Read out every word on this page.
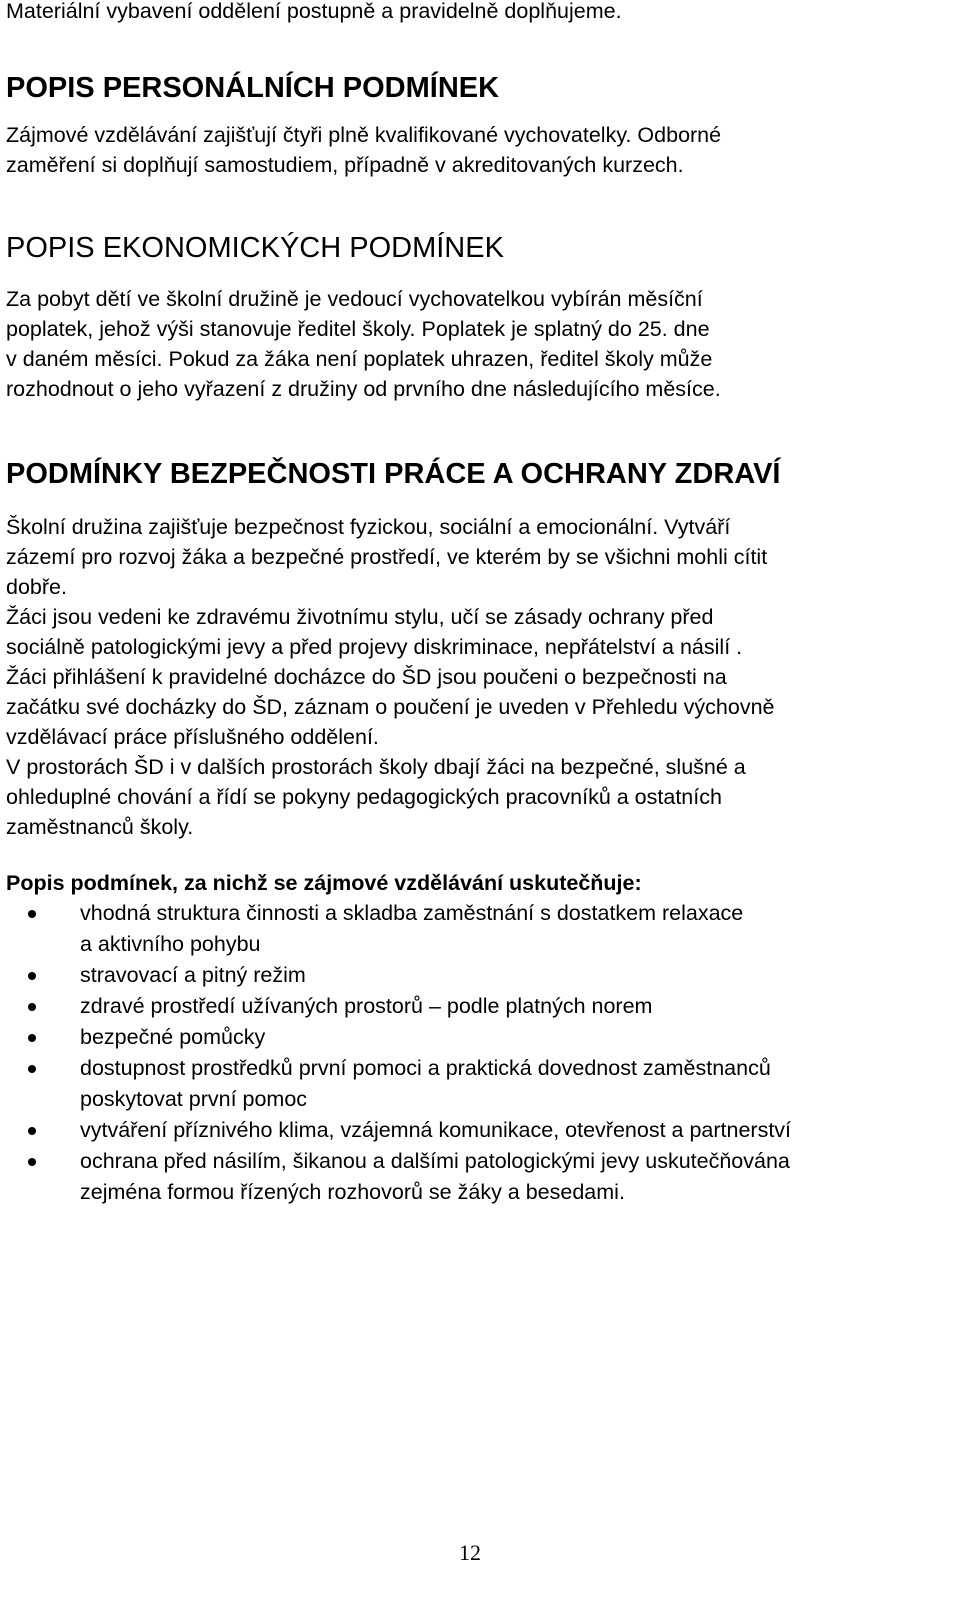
Materiální vybavení oddělení postupně a pravidelně doplňujeme.

POPIS PERSONÁLNÍCH PODMÍNEK

Zájmové vzdělávání zajišťují čtyři plně kvalifikované vychovatelky. Odborné
zaměření si doplňují samostudiem, případně v akreditovaných kurzech.

POPIS EKONOMICKÝCH PODMÍNEK

Za pobyt dětí ve školní družině je vedoucí vychovatelkou vybírán měsíční
poplatek, jehož výši stanovuje ředitel školy. Poplatek je splatný do 25. dne
v daném měsíci. Pokud za žáka není poplatek uhrazen, ředitel školy může
rozhodnout o jeho vyřazení z družiny od prvního dne následujícího měsíce.

PODMÍNKY BEZPEČNOSTI PRÁCE A OCHRANY ZDRAVÍ

Školní družina zajišťuje bezpečnost fyzickou, sociální a emocionální. Vytváří
zázemí pro rozvoj žáka a bezpečné prostředí, ve kterém by se všichni mohli cítit
dobře.
Žáci jsou vedeni ke zdravému životnímu stylu, učí se zásady ochrany před
sociálně patologickými jevy a před projevy diskriminace, nepřátelství a násilí .
Žáci přihlášení k pravidelné docházce do ŠD jsou poučeni o bezpečnosti na
začátku své docházky do ŠD, záznam o poučení je uveden v Přehledu výchovně
vzdělávací práce příslušného oddělení.
V prostorách ŠD i v dalších prostorách školy dbají žáci na bezpečné, slušné a
ohleduplné chování a řídí se pokyny pedagogických pracovníků a ostatních
zaměstnanců školy.

Popis podmínek, za nichž se zájmové vzdělávání uskutečňuje:
vhodná struktura činnosti a skladba zaměstnání s dostatkem relaxace
a aktivního pohybu
stravovací a pitný režim
zdravé prostředí užívaných prostorů – podle platných norem
bezpečné pomůcky
dostupnost prostředků první pomoci a praktická dovednost zaměstnanců
poskytovat první pomoc
vytváření příznivého klima, vzájemná komunikace, otevřenost a partnerství
ochrana před násilím, šikanou a dalšími patologickými jevy uskutečňována
zejména formou řízených rozhovorů se žáky a besedami.
12
